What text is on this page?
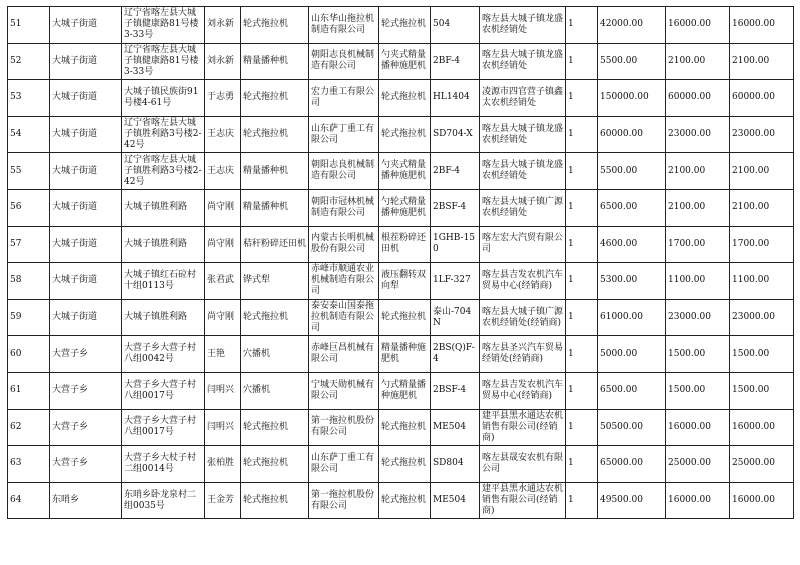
51	大城子街道	辽宁省喀左县大城子镇健康路81号楼3-33号	刘永新	轮式拖拉机	山东华山拖拉机制造有限公司	轮式拖拉机	504	喀左县大城子镇龙盛农机经销处	1	42000.00	16000.00	16000.00
52	大城子街道	辽宁省喀左县大城子镇健康路81号楼3-33号	刘永新	精量播种机	朝阳志良机械制造有限公司	勺夹式精量播种施肥机	2BF-4	喀左县大城子镇龙盛农机经销处	1	5500.00	2100.00	2100.00
53	大城子街道	大城子镇民族街91号楼4-61号	于志勇	轮式拖拉机	宏力重工有限公司	轮式拖拉机	HL1404	凌源市四官营子镇鑫太农机经销处	1	150000.00	60000.00	60000.00
54	大城子街道	辽宁省喀左县大城子镇胜利路3号楼2-42号	王志庆	轮式拖拉机	山东萨丁重工有限公司	轮式拖拉机	SD704-X	喀左县大城子镇龙盛农机经销处	1	60000.00	23000.00	23000.00
55	大城子街道	辽宁省喀左县大城子镇胜利路3号楼2-42号	王志庆	精量播种机	朝阳志良机械制造有限公司	勺夹式精量播种施肥机	2BF-4	喀左县大城子镇龙盛农机经销处	1	5500.00	2100.00	2100.00
56	大城子街道	大城子镇胜利路	尚守刚	精量播种机	朝阳市冠林机械制造有限公司	勺轮式精量播种施肥机	2BSF-4	喀左县大城子镇广源农机经销处	1	6500.00	2100.00	2100.00
57	大城子街道	大城子镇胜利路	尚守刚	秸秆粉碎还田机	内蒙古长明机械股份有限公司	根茬粉碎还田机	1GHB-150	喀左宏大汽贸有限公司	1	4600.00	1700.00	1700.00
58	大城子街道	大城子镇红石砬村十组0113号	张君武	铧式犁	赤峰市顺通农业机械制造有限公司	液压翻转双向犁	1LF-327	喀左县吉发农机汽车贸易中心(经销商)	1	5300.00	1100.00	1100.00
59	大城子街道	大城子镇胜利路	尚守刚	轮式拖拉机	泰安泰山国泰拖拉机制造有限公司	轮式拖拉机	泰山-704N	喀左县大城子镇广源农机经销处(经销商)	1	61000.00	23000.00	23000.00
60	大营子乡	大营子乡大营子村八组0042号	王艳	穴播机	赤峰巨昌机械有限公司	精量播种施肥机	2BS(Q)F-4	喀左县圣兴汽车贸易经销处(经销商)	1	5000.00	1500.00	1500.00
61	大营子乡	大营子乡大营子村八组0017号	闫明兴	穴播机	宁城天勋机械有限公司	勺式精量播种施肥机	2BSF-4	喀左县吉发农机汽车贸易中心(经销商)	1	6500.00	1500.00	1500.00
62	大营子乡	大营子乡大营子村八组0017号	闫明兴	轮式拖拉机	第一拖拉机股份有限公司	轮式拖拉机	ME504	建平县黑水通达农机销售有限公司(经销商)	1	50500.00	16000.00	16000.00
63	大营子乡	大营子乡大杖子村二组0014号	张柏胜	轮式拖拉机	山东萨丁重工有限公司	轮式拖拉机	SD804	喀左县晟安农机有限公司	1	65000.00	25000.00	25000.00
64	东哨乡	东哨乡卧龙泉村二组0035号	王金芳	轮式拖拉机	第一拖拉机股份有限公司	轮式拖拉机	ME504	建平县黑水通达农机销售有限公司(经销商)	1	49500.00	16000.00	16000.00
